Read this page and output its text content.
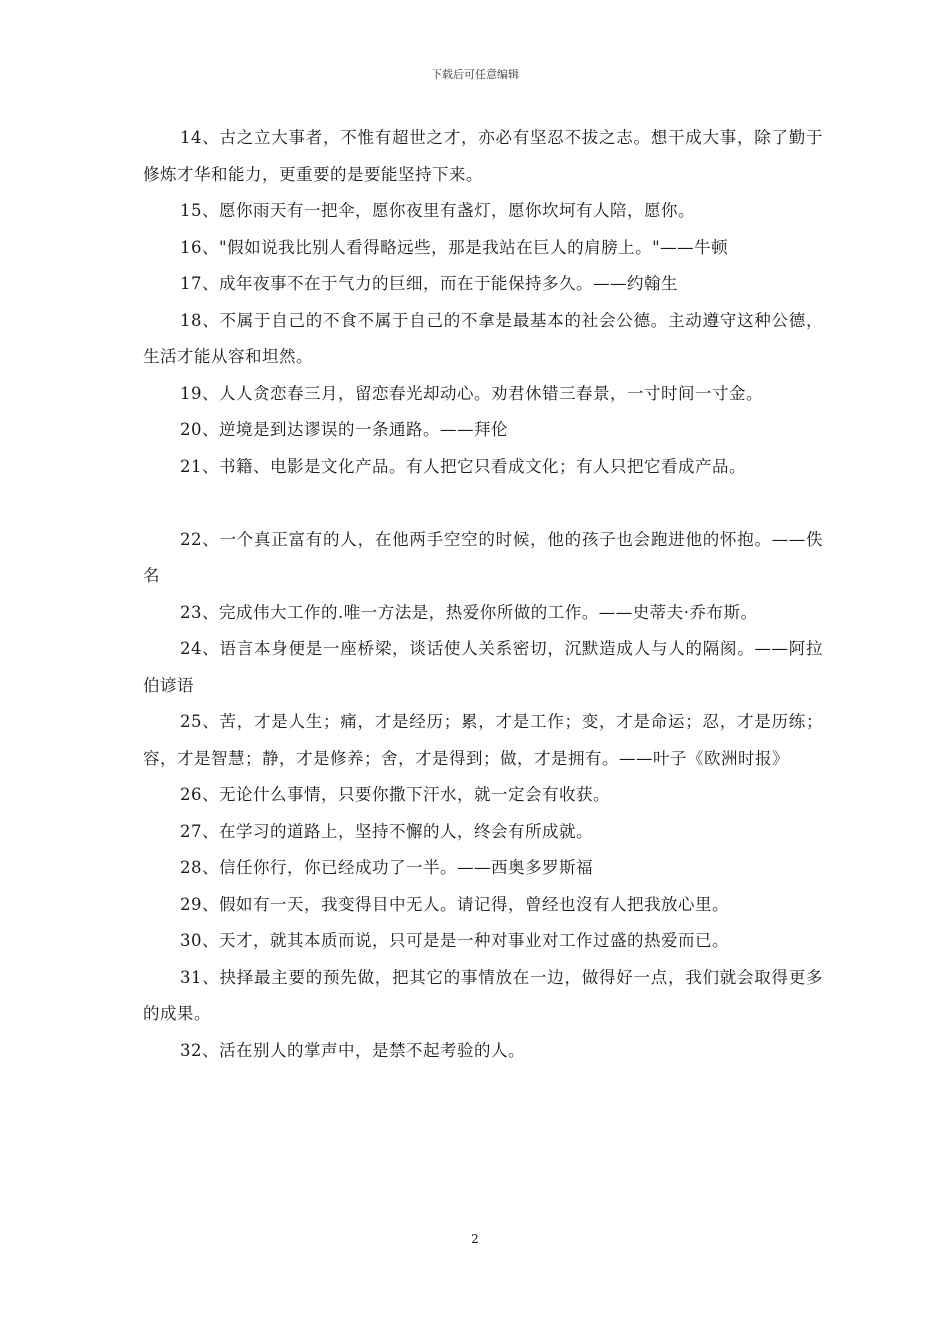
下载后可任意编辑

14、古之立大事者，不惟有超世之才，亦必有坚忍不拔之志。想干成大事，除了勤于修炼才华和能力，更重要的是要能坚持下来。

15、愿你雨天有一把伞，愿你夜里有盏灯，愿你坎坷有人陪，愿你。

16、"假如说我比别人看得略远些，那是我站在巨人的肩膀上。"——牛顿

17、成年夜事不在于气力的巨细，而在于能保持多久。——约翰生

18、不属于自己的不食不属于自己的不拿是最基本的社会公德。主动遵守这种公德，生活才能从容和坦然。

19、人人贪恋春三月，留恋春光却动心。劝君休错三春景，一寸时间一寸金。

20、逆境是到达谬误的一条通路。——拜伦

21、书籍、电影是文化产品。有人把它只看成文化；有人只把它看成产品。

22、一个真正富有的人，在他两手空空的时候，他的孩子也会跑进他的怀抱。——佚名

23、完成伟大工作的.唯一方法是，热爱你所做的工作。——史蒂夫·乔布斯。

24、语言本身便是一座桥梁，谈话使人关系密切，沉默造成人与人的隔阂。——阿拉伯谚语

25、苦，才是人生；痛，才是经历；累，才是工作；变，才是命运；忍，才是历练；容，才是智慧；静，才是修养；舍，才是得到；做，才是拥有。——叶子《欧洲时报》

26、无论什么事情，只要你撒下汗水，就一定会有收获。

27、在学习的道路上，坚持不懈的人，终会有所成就。

28、信任你行，你已经成功了一半。——西奥多罗斯福

29、假如有一天，我变得目中无人。请记得，曾经也沒有人把我放心里。

30、天才，就其本质而说，只可是是一种对事业对工作过盛的热爱而已。

31、抉择最主要的预先做，把其它的事情放在一边，做得好一点，我们就会取得更多的成果。

32、活在别人的掌声中，是禁不起考验的人。

2
